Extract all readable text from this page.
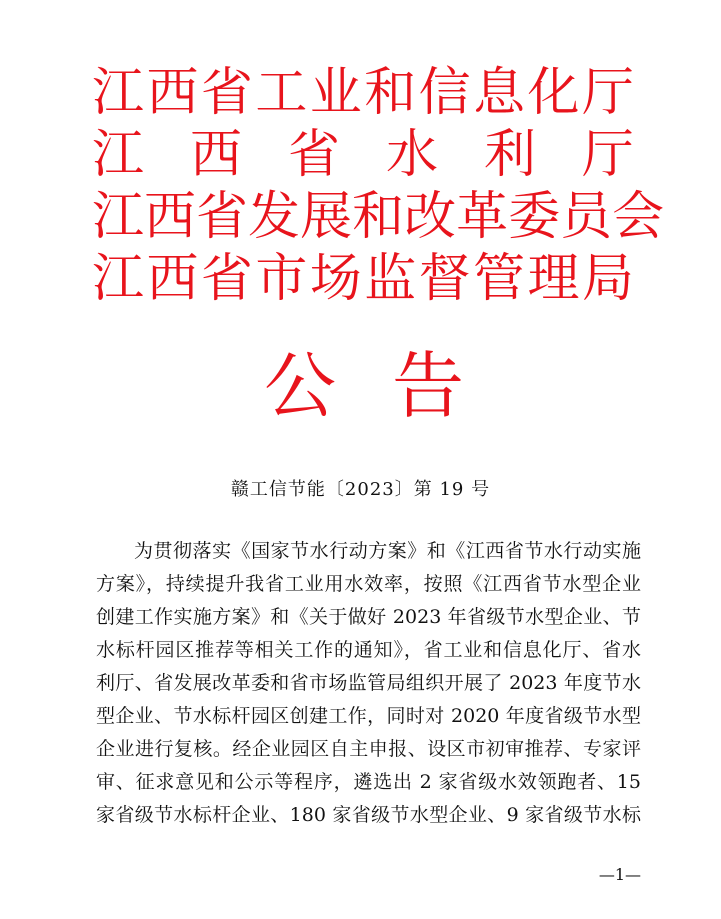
江 西 省 工 业 和 信 息 化 厅
江 西 省 水 利 厅
江 西 省 发 展 和 改 革 委 员 会
江 西 省 市 场 监 督 管 理 局
公 告
赣工信节能〔2023〕第 19 号
为贯彻落实《国家节水行动方案》和《江西省节水行动实施
方案》，持续提升我省工业用水效率，按照《江西省节水型企业
创建工作实施方案》和《关于做好 2023 年省级节水型企业、节
水标杆园区推荐等相关工作的通知》，省工业和信息化厅、省水
利厅、省发展改革委和省市场监管局组织开展了 2023 年度节水
型企业、节水标杆园区创建工作，同时对 2020 年度省级节水型
企业进行复核。经企业园区自主申报、设区市初审推荐、专家评
审、征求意见和公示等程序，遴选出 2 家省级水效领跑者、15
家省级节水标杆企业、180 家省级节水型企业、9 家省级节水标
—1—
